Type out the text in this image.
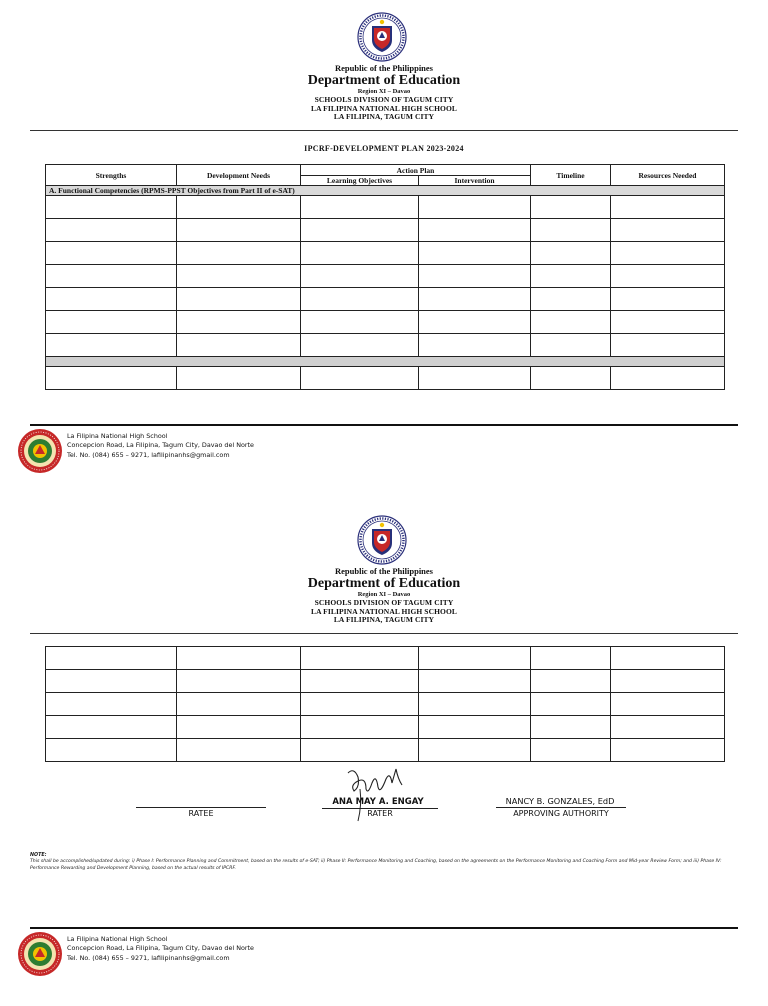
Republic of the Philippines
Department of Education
Region XI – Davao
SCHOOLS DIVISION OF TAGUM CITY
LA FILIPINA NATIONAL HIGH SCHOOL
LA FILIPINA, TAGUM CITY
IPCRF-DEVELOPMENT PLAN 2023-2024
Strengths	Development Needs	Action Plan		Timeline	Resources Needed
		Learning Objectives	Intervention		
A. Functional Competencies (RPMS-PPST Objectives from Part II of e-SAT)					

La Filipina National High School
Concepcion Road, La Filipina, Tagum City, Davao del Norte
Tel. No. (084) 655 – 9271, lafilipinanhs@gmail.com
Republic of the Philippines
Department of Education
Region XI – Davao
SCHOOLS DIVISION OF TAGUM CITY
LA FILIPINA NATIONAL HIGH SCHOOL
LA FILIPINA, TAGUM CITY

RATEE
ANA MAY A. ENGAY
RATER
NANCY B. GONZALES, EdD
APPROVING AUTHORITY
NOTE:
This shall be accomplished/updated during: i) Phase I: Performance Planning and Commitment, based on the results of e-SAT; ii) Phase II: Performance Monitoring and Coaching, based on the agreements on the Performance Monitoring and Coaching Form and Mid-year Review Form; and iii) Phase IV: Performance Rewarding and Development Planning, based on the actual results of IPCRF.
La Filipina National High School
Concepcion Road, La Filipina, Tagum City, Davao del Norte
Tel. No. (084) 655 – 9271, lafilipinanhs@gmail.com
